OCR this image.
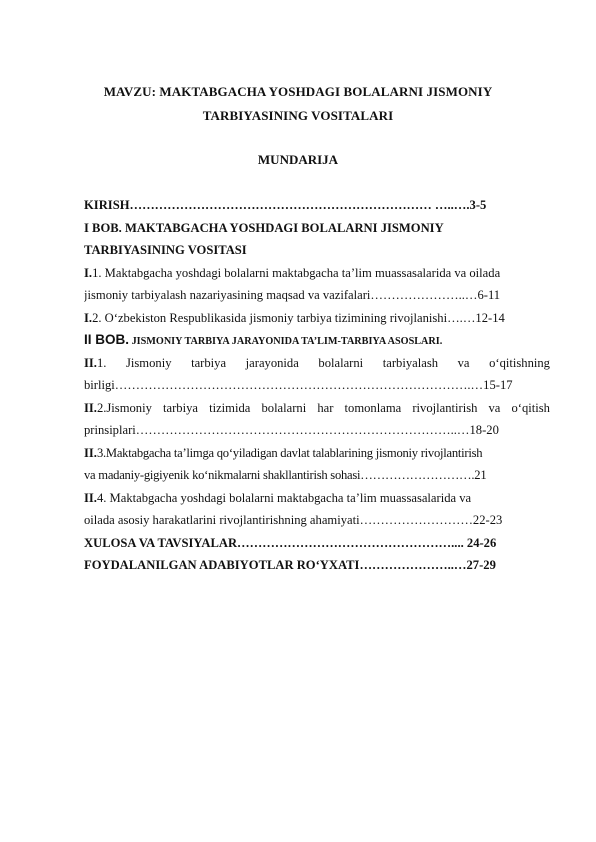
MAVZU: MAKTABGACHA YOSHDAGI BOLALARNI JISMONIY
TARBIYASINING VOSITALARI
MUNDARIJA
KIRISH……………………………………………………………… …..….3-5
I BOB. MAKTABGACHA YOSHDAGI BOLALARNI JISMONIY
TARBIYASINING VOSITASI
I.1. Maktabgacha yoshdagi bolalarni maktabgacha ta’lim muassasalarida va oilada
jismoniy tarbiyalash nazariyasining maqsad va vazifalari…………………..…6-11
I.2. O‘zbekiston Respublikasida jismoniy tarbiya tizimining rivojlanishi….…12-14
II BOB. JISMONIY TARBIYA JARAYONIDA TA’LIM-TARBIYA ASOSLARI.
II.1. Jismoniy tarbiya jarayonida bolalarni tarbiyalash va o‘qitishning
birligi………………………………………………………………………….…15-17
II.2.Jismoniy tarbiya tizimida bolalarni har tomonlama rivojlantirish va o‘qitish
prinsiplari…………………………………………………………………..…18-20
II.3.Maktabgacha ta’limga qo‘yiladigan davlat talablarining jismoniy rivojlantirish
va madaniy-gigiyenik ko‘nikmalarni shakllantirish sohasi……………………….21
II.4. Maktabgacha yoshdagi bolalarni maktabgacha ta’lim muassasalarida va
oilada asosiy harakatlarini rivojlantirishning ahamiyati………………………22-23
XULOSA VA TAVSIYALAR…………………………………………….... 24-26
FOYDALANILGAN ADABIYOTLAR RO‘YXATI…………………..…27-29
